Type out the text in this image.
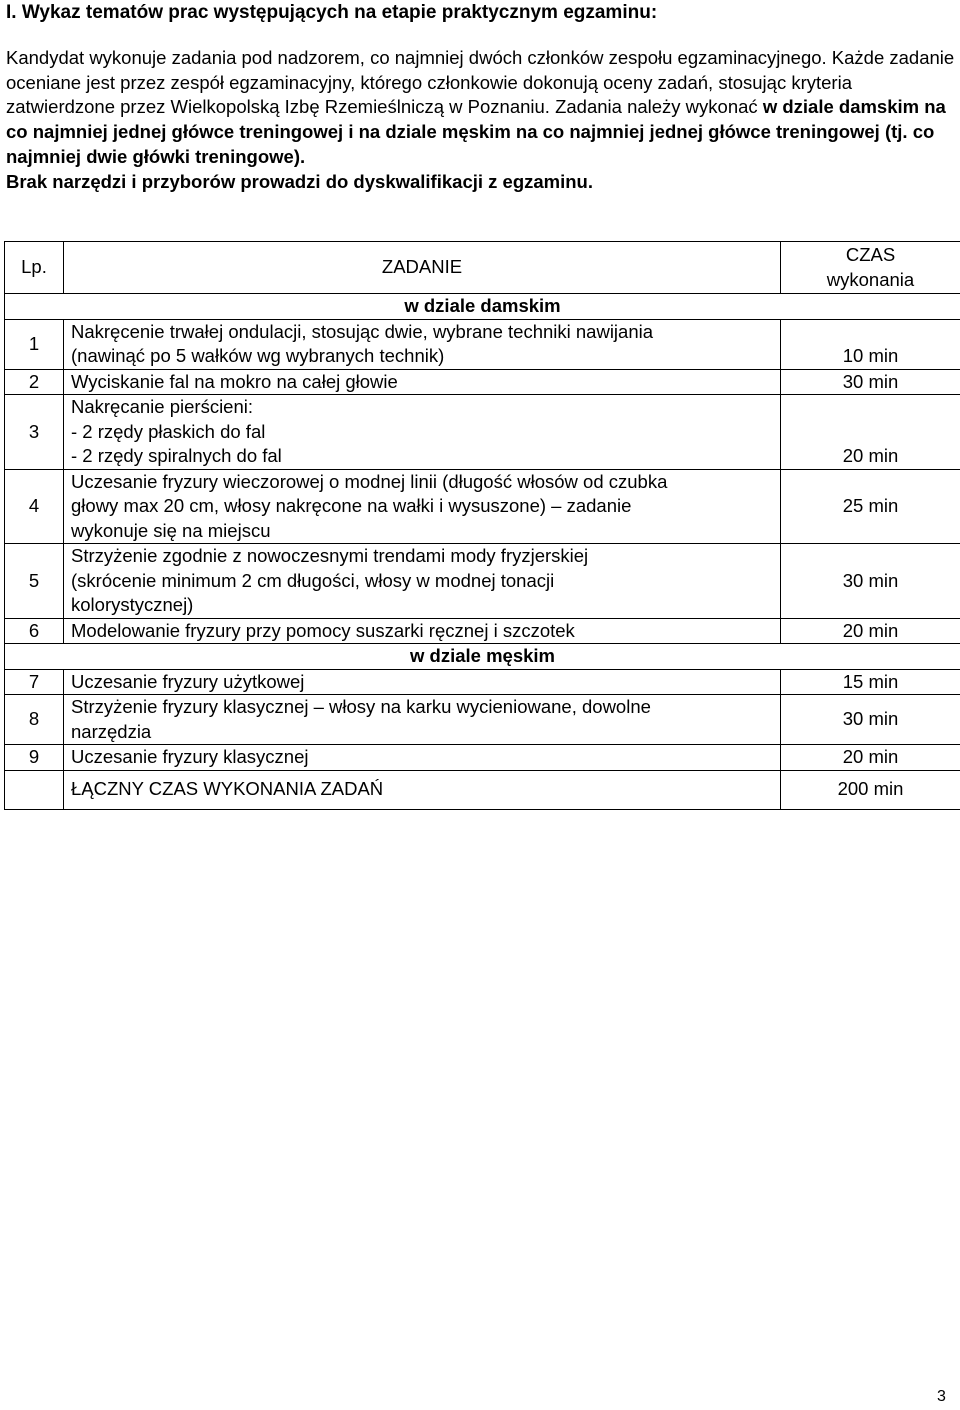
I. Wykaz tematów prac występujących na etapie praktycznym egzaminu:

Kandydat wykonuje zadania pod nadzorem, co najmniej dwóch członków zespołu egzaminacyjnego. Każde zadanie oceniane jest przez zespół egzaminacyjny, którego członkowie dokonują oceny zadań, stosując kryteria zatwierdzone przez Wielkopolską Izbę Rzemieślniczą w Poznaniu. Zadania należy wykonać w dziale damskim na co najmniej jednej główce treningowej i na dziale męskim na co najmniej jednej główce treningowej (tj. co najmniej dwie główki treningowe).
Brak narzędzi i przyborów prowadzi do dyskwalifikacji z egzaminu.

Lp.	ZADANIE	CZAS
wykonania
w dziale damskim		
1	Nakręcenie trwałej ondulacji, stosując dwie, wybrane techniki nawijania
(nawinąć po 5 wałków wg wybranych technik)	10 min
2	Wyciskanie fal na mokro na całej głowie	30 min
3	Nakręcanie pierścieni:
- 2 rzędy płaskich do fal
- 2 rzędy spiralnych do fal	20 min
4	Uczesanie fryzury wieczorowej o modnej linii (długość włosów od czubka
głowy max 20 cm, włosy nakręcone na wałki i wysuszone) – zadanie
wykonuje się na miejscu	25 min
5	Strzyżenie zgodnie z nowoczesnymi trendami mody fryzjerskiej
(skrócenie minimum 2 cm długości, włosy w modnej tonacji
kolorystycznej)	30 min
6	Modelowanie fryzury przy pomocy suszarki ręcznej i szczotek	20 min
w dziale męskim		
7	Uczesanie fryzury użytkowej	15 min
8	Strzyżenie fryzury klasycznej – włosy na karku wycieniowane, dowolne
narzędzia	30 min
9	Uczesanie fryzury klasycznej	20 min
	ŁĄCZNY CZAS WYKONANIA ZADAŃ	200 min
3
